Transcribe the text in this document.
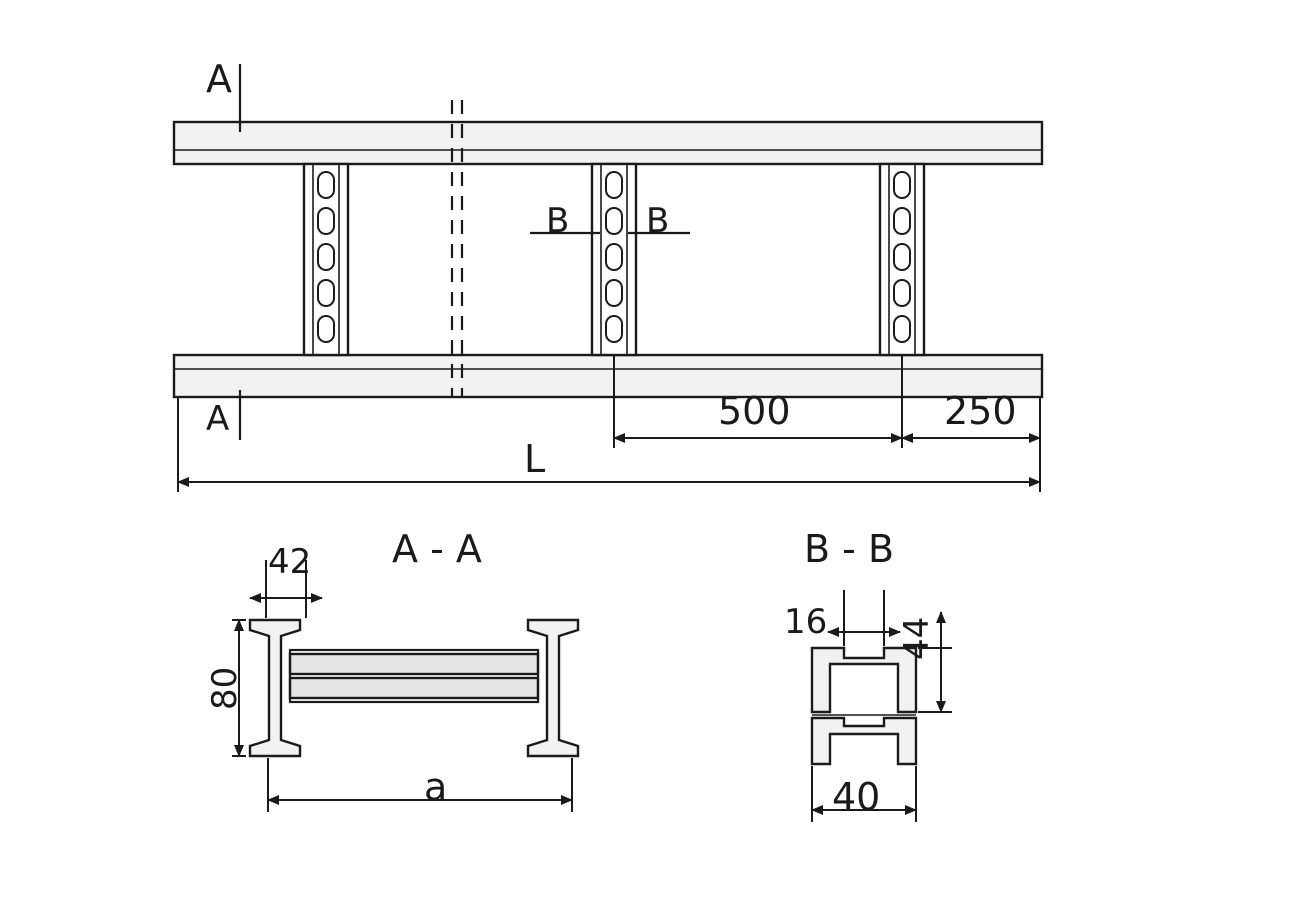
A
A
B B
500	250
L
A - A
42
80
a
B - B
16 44
40
